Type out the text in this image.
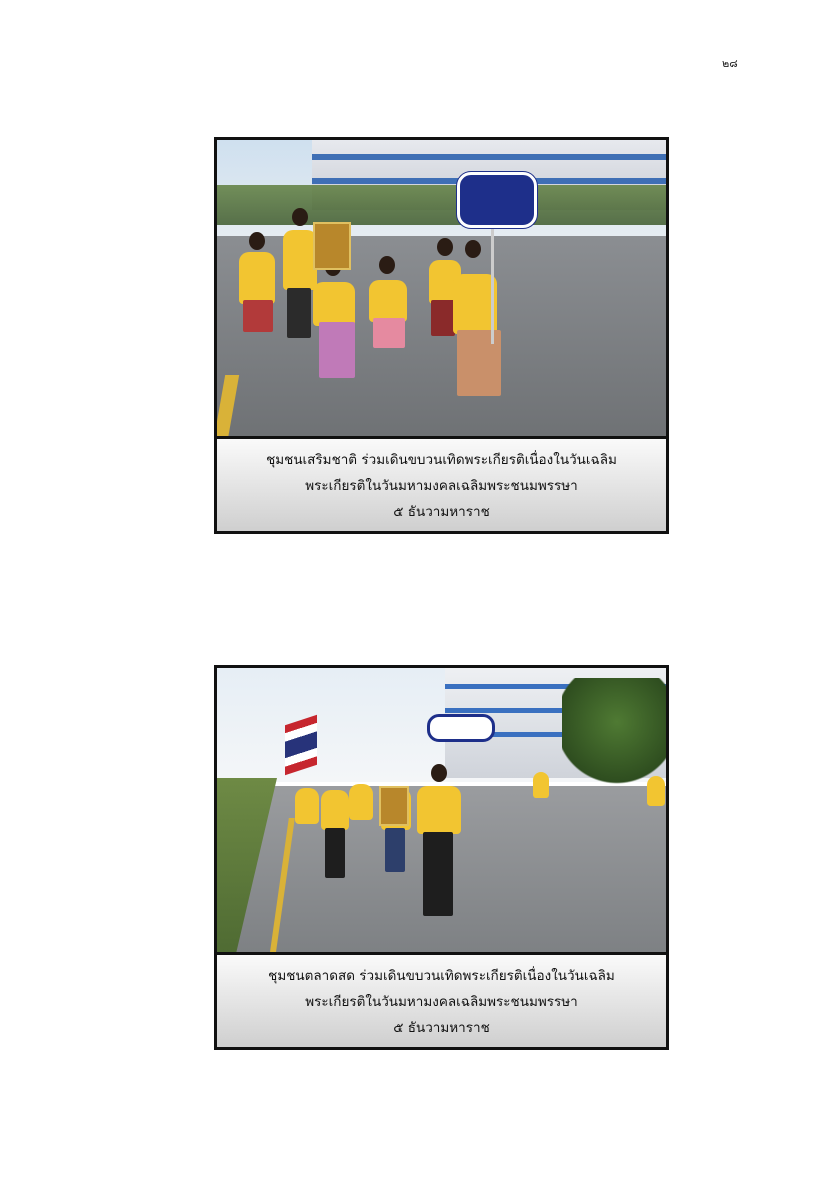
๒๘
ชุมชนเสริมชาติ ร่วมเดินขบวนเทิดพระเกียรติเนื่องในวันเฉลิม
พระเกียรติในวันมหามงคลเฉลิมพระชนมพรรษา
๕ ธันวามหาราช
ชุมชนตลาดสด ร่วมเดินขบวนเทิดพระเกียรติเนื่องในวันเฉลิม
พระเกียรติในวันมหามงคลเฉลิมพระชนมพรรษา
๕ ธันวามหาราช
